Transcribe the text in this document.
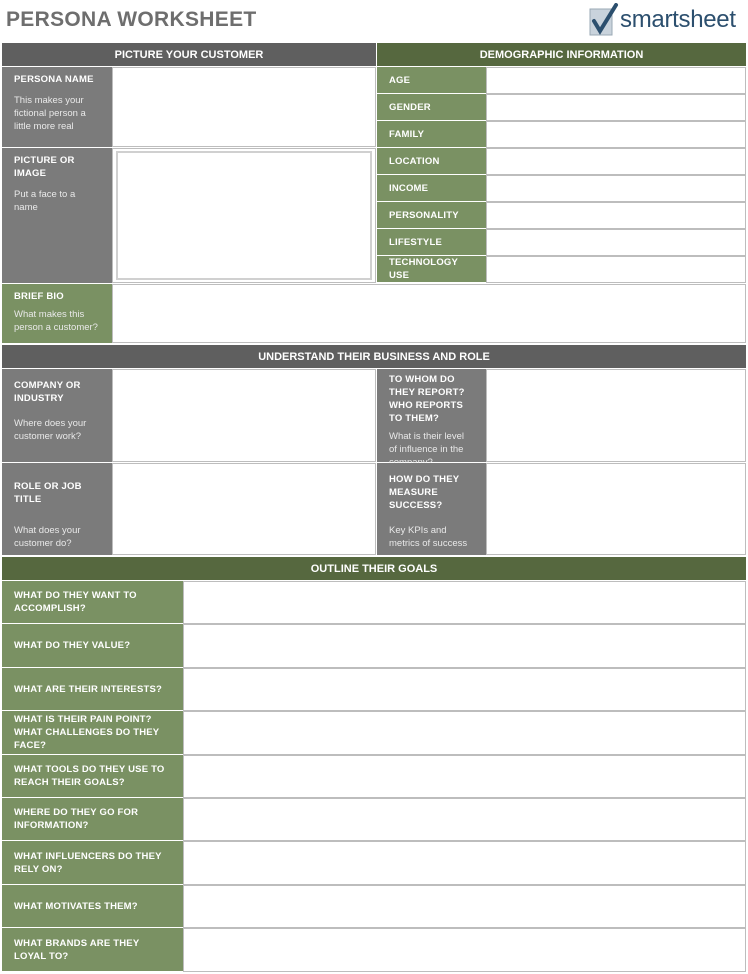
PERSONA WORKSHEET	smartsheet
PICTURE YOUR CUSTOMER	DEMOGRAPHIC INFORMATION
PERSONA NAME
This makes your fictional person a little more real
PICTURE OR IMAGE
Put a face to a name
AGE
GENDER
FAMILY
LOCATION
INCOME
PERSONALITY
LIFESTYLE
TECHNOLOGY USE
BRIEF BIO
What makes this person a customer?
UNDERSTAND THEIR BUSINESS AND ROLE
COMPANY OR INDUSTRY
Where does your customer work?
TO WHOM DO THEY REPORT? WHO REPORTS TO THEM?
What is their level of influence in the
ROLE OR JOB TITLE
What does your customer do?
HOW DO THEY MEASURE SUCCESS?
Key KPIs and metrics of success
OUTLINE THEIR GOALS
WHAT DO THEY WANT TO ACCOMPLISH?
WHAT DO THEY VALUE?
WHAT ARE THEIR INTERESTS?
WHAT IS THEIR PAIN POINT? WHAT CHALLENGES DO THEY FACE?
WHAT TOOLS DO THEY USE TO REACH THEIR GOALS?
WHERE DO THEY GO FOR INFORMATION?
WHAT INFLUENCERS DO THEY RELY ON?
WHAT MOTIVATES THEM?
WHAT BRANDS ARE THEY LOYAL TO?
